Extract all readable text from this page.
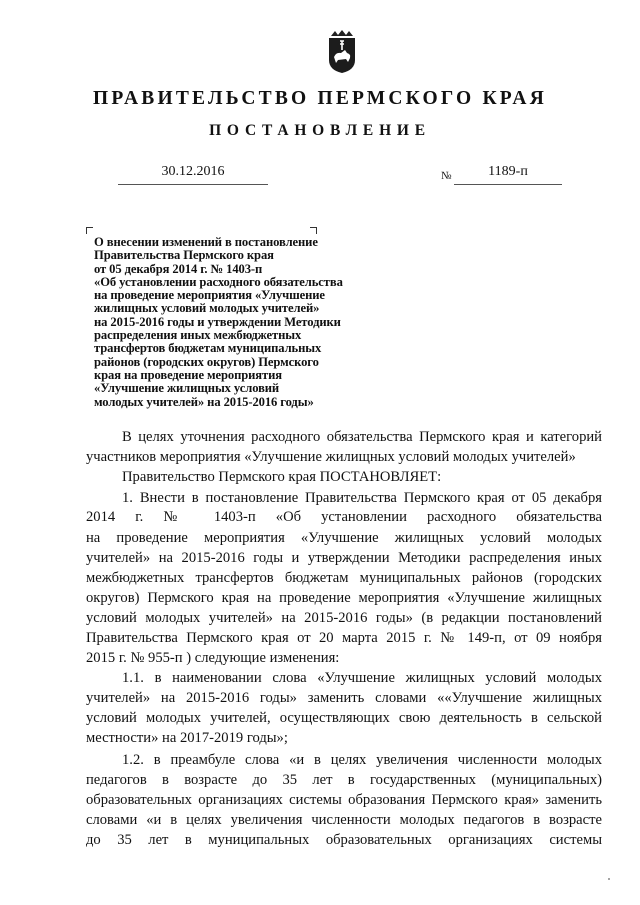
ПРАВИТЕЛЬСТВО ПЕРМСКОГО КРАЯ
ПОСТАНОВЛЕНИЕ
30.12.2016	№	1189-п

О внесении изменений в постановление
Правительства Пермского края
от 05 декабря 2014 г. № 1403-п
«Об установлении расходного обязательства
на проведение мероприятия «Улучшение
жилищных условий молодых учителей»
на 2015-2016 годы и утверждении Методики
распределения иных межбюджетных
трансфертов бюджетам муниципальных
районов (городских округов) Пермского
края на проведение мероприятия
«Улучшение жилищных условий
молодых учителей» на 2015-2016 годы»

В целях уточнения расходного обязательства Пермского края и категорий

участников мероприятия «Улучшение жилищных условий молодых учителей»

Правительство Пермского края ПОСТАНОВЛЯЕТ:

1. Внести в постановление Правительства Пермского края от 05 декабря

2014 г. № 1403-п «Об установлении расходного обязательства

на проведение мероприятия «Улучшение жилищных условий молодых

учителей» на 2015-2016 годы и утверждении Методики распределения иных

межбюджетных трансфертов бюджетам муниципальных районов (городских

округов) Пермского края на проведение мероприятия «Улучшение жилищных

условий молодых учителей» на 2015-2016 годы» (в редакции постановлений

Правительства Пермского края от 20 марта 2015 г. № 149-п, от 09 ноября

2015 г. № 955-п ) следующие изменения:

1.1. в наименовании слова «Улучшение жилищных условий молодых

учителей» на 2015-2016 годы» заменить словами ««Улучшение жилищных

условий молодых учителей, осуществляющих свою деятельность в сельской

местности» на 2017-2019 годы»;

1.2. в преамбуле слова «и в целях увеличения численности молодых

педагогов в возрасте до 35 лет в государственных (муниципальных)

образовательных организациях системы образования Пермского края» заменить

словами «и в целях увеличения численности молодых педагогов в возрасте

до 35 лет в муниципальных образовательных организациях системы
